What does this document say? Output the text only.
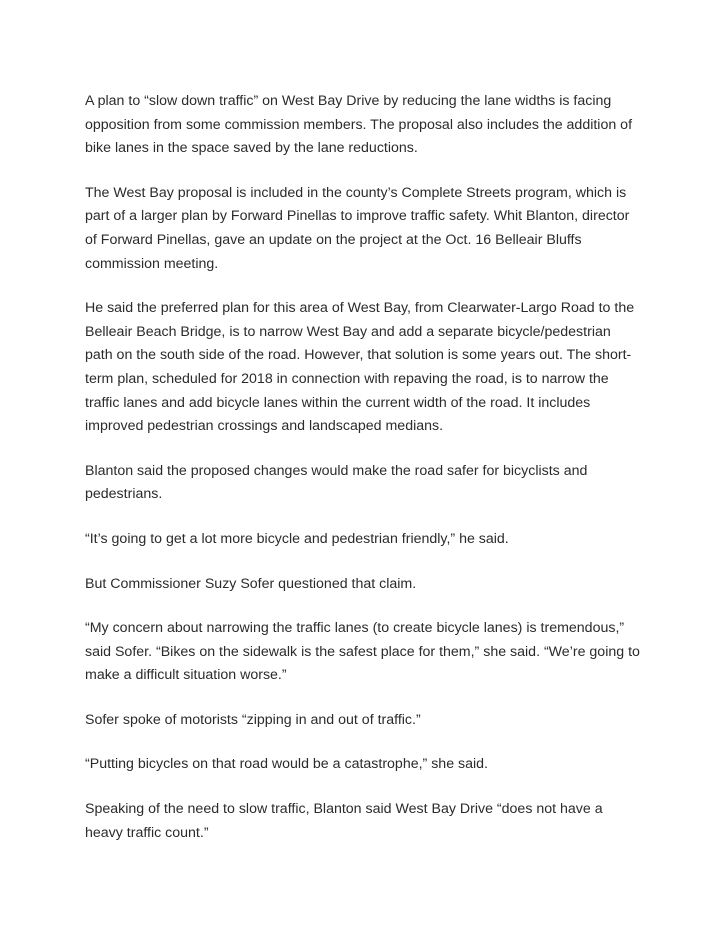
A plan to “slow down traffic” on West Bay Drive by reducing the lane widths is facing opposition from some commission members. The proposal also includes the addition of bike lanes in the space saved by the lane reductions.

The West Bay proposal is included in the county’s Complete Streets program, which is part of a larger plan by Forward Pinellas to improve traffic safety. Whit Blanton, director of Forward Pinellas, gave an update on the project at the Oct. 16 Belleair Bluffs commission meeting.

He said the preferred plan for this area of West Bay, from Clearwater-Largo Road to the Belleair Beach Bridge, is to narrow West Bay and add a separate bicycle/pedestrian path on the south side of the road. However, that solution is some years out. The short-term plan, scheduled for 2018 in connection with repaving the road, is to narrow the traffic lanes and add bicycle lanes within the current width of the road. It includes improved pedestrian crossings and landscaped medians.

Blanton said the proposed changes would make the road safer for bicyclists and pedestrians.

“It’s going to get a lot more bicycle and pedestrian friendly,” he said.

But Commissioner Suzy Sofer questioned that claim.

“My concern about narrowing the traffic lanes (to create bicycle lanes) is tremendous,” said Sofer. “Bikes on the sidewalk is the safest place for them,” she said. “We’re going to make a difficult situation worse.”

Sofer spoke of motorists “zipping in and out of traffic.”

“Putting bicycles on that road would be a catastrophe,” she said.

Speaking of the need to slow traffic, Blanton said West Bay Drive “does not have a heavy traffic count.”
